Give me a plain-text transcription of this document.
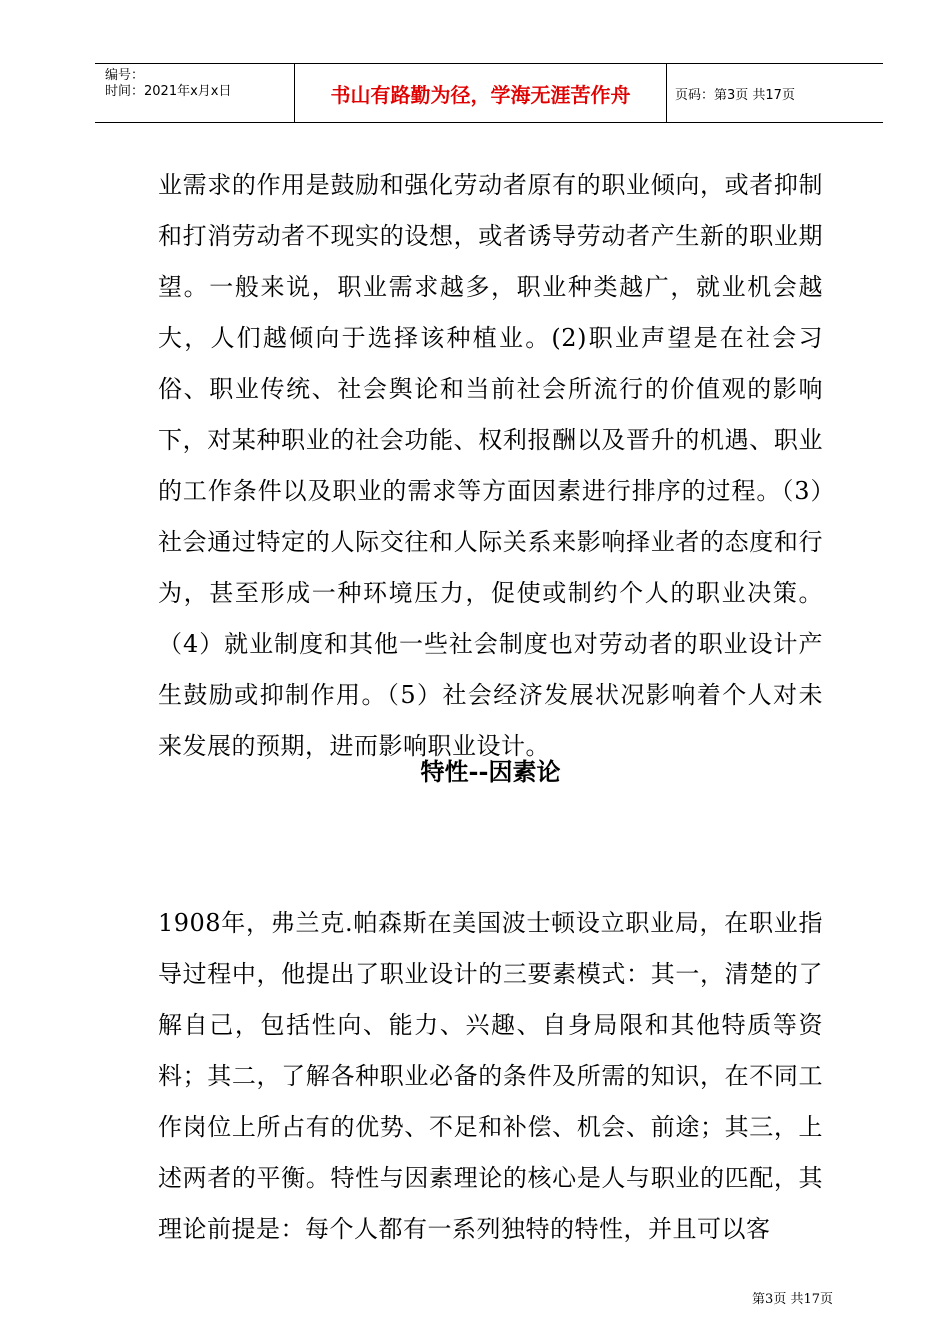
编号：
时间：2021年x月x日	书山有路勤为径，学海无涯苦作舟	页码：第3页 共17页
业需求的作用是鼓励和强化劳动者原有的职业倾向，或者抑制和打消劳动者不现实的设想，或者诱导劳动者产生新的职业期望。一般来说，职业需求越多，职业种类越广，就业机会越大，人们越倾向于选择该种植业。(2)职业声望是在社会习俗、职业传统、社会舆论和当前社会所流行的价值观的影响下，对某种职业的社会功能、权利报酬以及晋升的机遇、职业的工作条件以及职业的需求等方面因素进行排序的过程。（3）社会通过特定的人际交往和人际关系来影响择业者的态度和行为，甚至形成一种环境压力，促使或制约个人的职业决策。（4）就业制度和其他一些社会制度也对劳动者的职业设计产生鼓励或抑制作用。（5）社会经济发展状况影响着个人对未来发展的预期，进而影响职业设计。
特性--因素论
1908年，弗兰克.帕森斯在美国波士顿设立职业局，在职业指导过程中，他提出了职业设计的三要素模式：其一，清楚的了解自己，包括性向、能力、兴趣、自身局限和其他特质等资料；其二，了解各种职业必备的条件及所需的知识，在不同工作岗位上所占有的优势、不足和补偿、机会、前途；其三，上述两者的平衡。特性与因素理论的核心是人与职业的匹配，其理论前提是：每个人都有一系列独特的特性，并且可以客
第3页 共17页
